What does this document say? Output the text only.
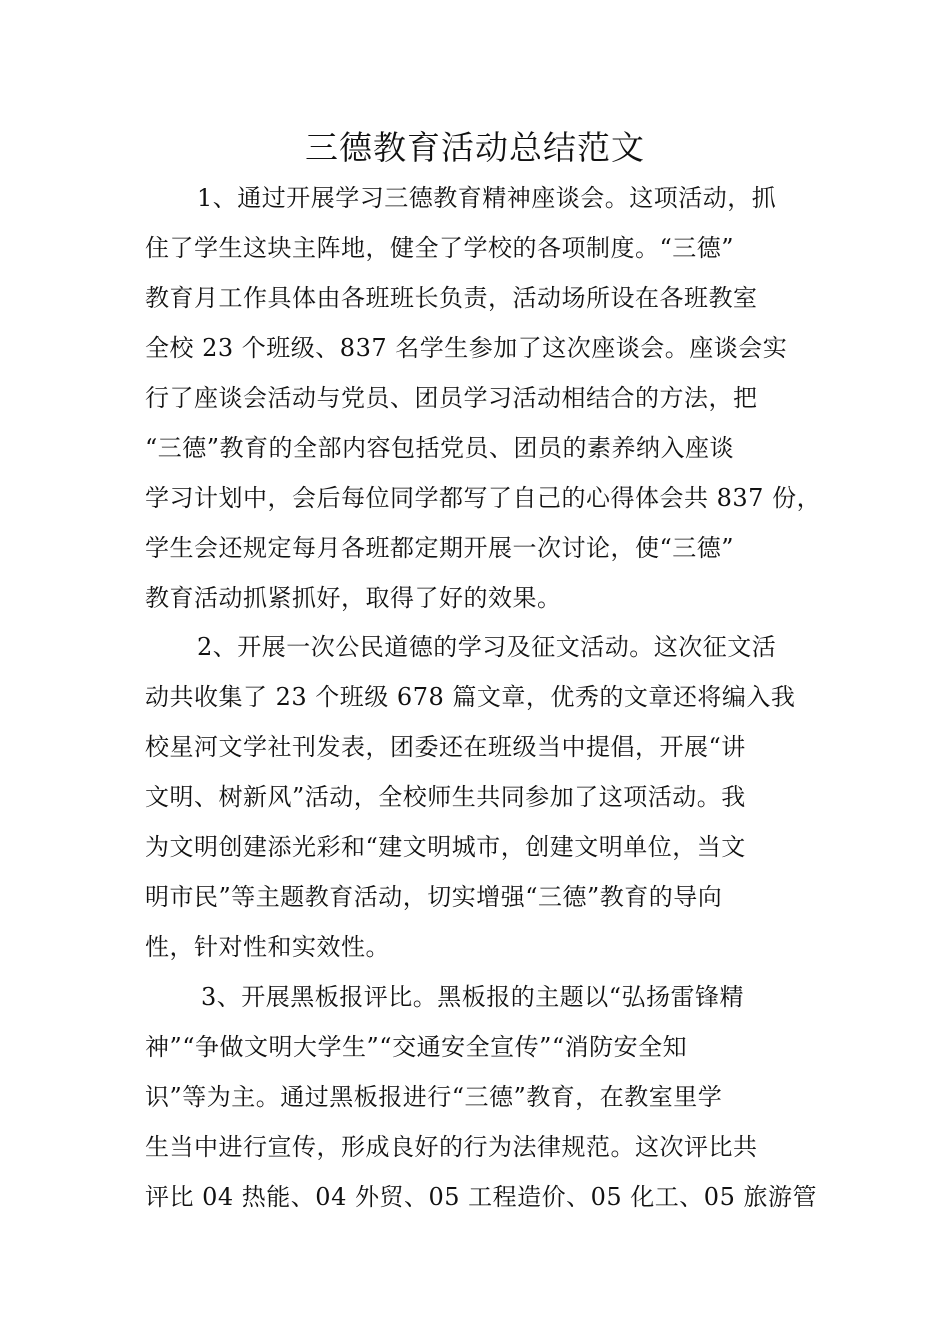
三德教育活动总结范文
1、通过开展学习三德教育精神座谈会。这项活动，抓
住了学生这块主阵地，健全了学校的各项制度。“三德”
教育月工作具体由各班班长负责，活动场所设在各班教室
全校 23 个班级、837 名学生参加了这次座谈会。座谈会实
行了座谈会活动与党员、团员学习活动相结合的方法，把
“三德”教育的全部内容包括党员、团员的素养纳入座谈
学习计划中，会后每位同学都写了自己的心得体会共 837 份，
学生会还规定每月各班都定期开展一次讨论，使“三德”
教育活动抓紧抓好，取得了好的效果。
2、开展一次公民道德的学习及征文活动。这次征文活
动共收集了 23 个班级 678 篇文章，优秀的文章还将编入我
校星河文学社刊发表，团委还在班级当中提倡，开展“讲
文明、树新风”活动，全校师生共同参加了这项活动。我
为文明创建添光彩和“建文明城市，创建文明单位，当文
明市民”等主题教育活动，切实增强“三德”教育的导向
性，针对性和实效性。
3、开展黑板报评比。黑板报的主题以“弘扬雷锋精
神”“争做文明大学生”“交通安全宣传”“消防安全知
识”等为主。通过黑板报进行“三德”教育，在教室里学
生当中进行宣传，形成良好的行为法律规范。这次评比共
评比 04 热能、04 外贸、05 工程造价、05 化工、05 旅游管
